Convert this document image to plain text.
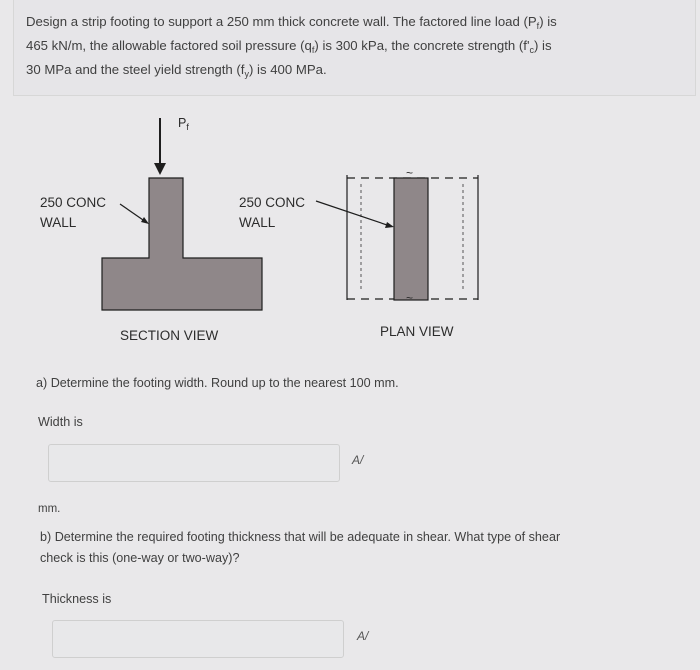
Design a strip footing to support a 250 mm thick concrete wall. The factored line load $(P_f)$ is
465 kN/m, the allowable factored soil pressure $(q_f)$ is 300 kPa, the concrete strength $(f'_c)$ is
30 MPa and the steel yield strength $(f_y)$ is 400 MPa.
$P_f$
250 CONC
WALL
250 CONC
WALL
~
~
SECTION VIEW	PLAN VIEW
a) Determine the footing width. Round up to the nearest 100 mm.
Width is
A/
mm.
b) Determine the required footing thickness that will be adequate in shear. What type of shear
check is this (one-way or two-way)?
Thickness is
A/
